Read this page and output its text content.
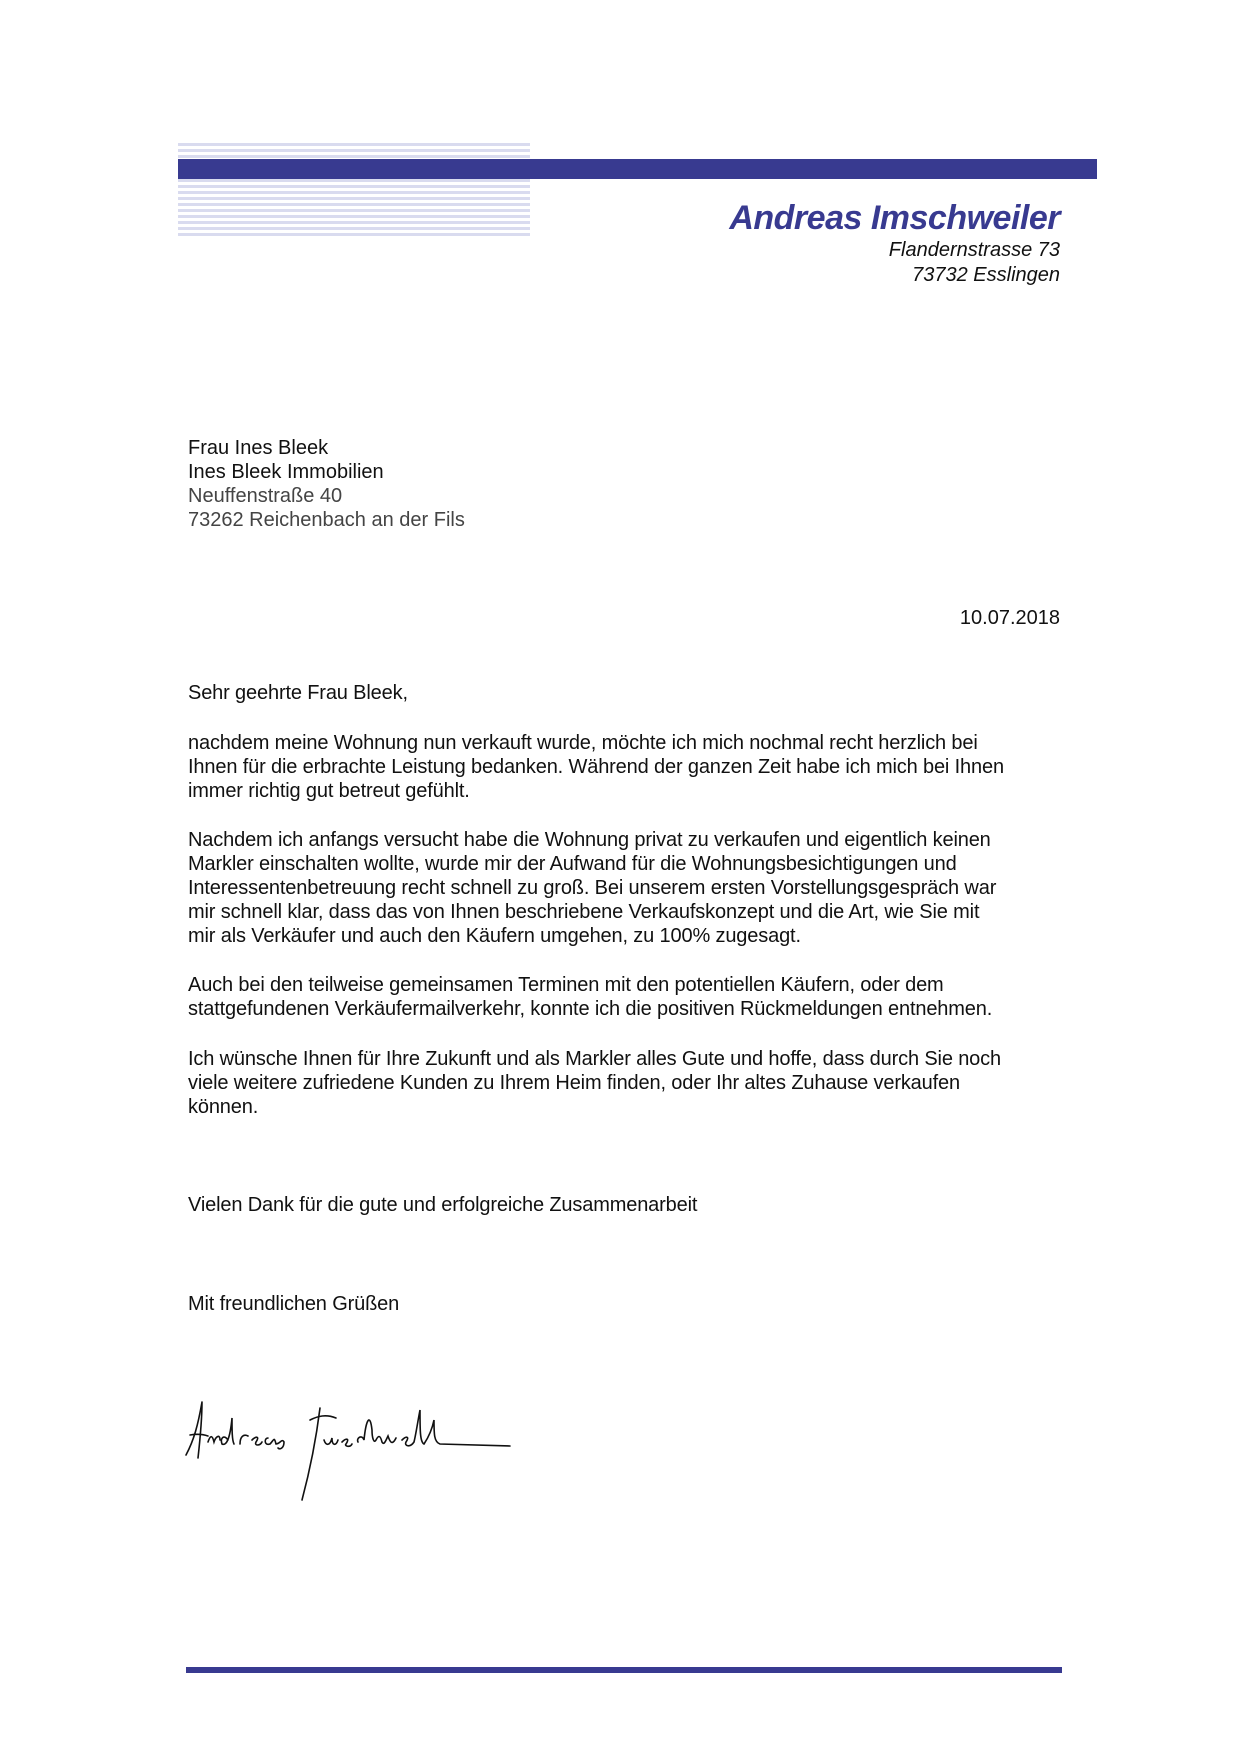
Andreas Imschweiler
Flandernstrasse 73
73732 Esslingen
Frau Ines Bleek
Ines Bleek Immobilien
Neuffenstraße 40
73262 Reichenbach an der Fils
10.07.2018
Sehr geehrte Frau Bleek,
nachdem meine Wohnung nun verkauft wurde, möchte ich mich nochmal recht herzlich bei
Ihnen für die erbrachte Leistung bedanken. Während der ganzen Zeit habe ich mich bei Ihnen
immer richtig gut betreut gefühlt.
Nachdem ich anfangs versucht habe die Wohnung privat zu verkaufen und eigentlich keinen
Markler einschalten wollte, wurde mir der Aufwand für die Wohnungsbesichtigungen und
Interessentenbetreuung recht schnell zu groß. Bei unserem ersten Vorstellungsgespräch war
mir schnell klar, dass das von Ihnen beschriebene Verkaufskonzept und die Art, wie Sie mit
mir als Verkäufer und auch den Käufern umgehen, zu 100% zugesagt.
Auch bei den teilweise gemeinsamen Terminen mit den potentiellen Käufern, oder dem
stattgefundenen Verkäufermailverkehr, konnte ich die positiven Rückmeldungen entnehmen.
Ich wünsche Ihnen für Ihre Zukunft und als Markler alles Gute und hoffe, dass durch Sie noch
viele weitere zufriedene Kunden zu Ihrem Heim finden, oder Ihr altes Zuhause verkaufen
können.
Vielen Dank für die gute und erfolgreiche Zusammenarbeit
Mit freundlichen Grüßen
